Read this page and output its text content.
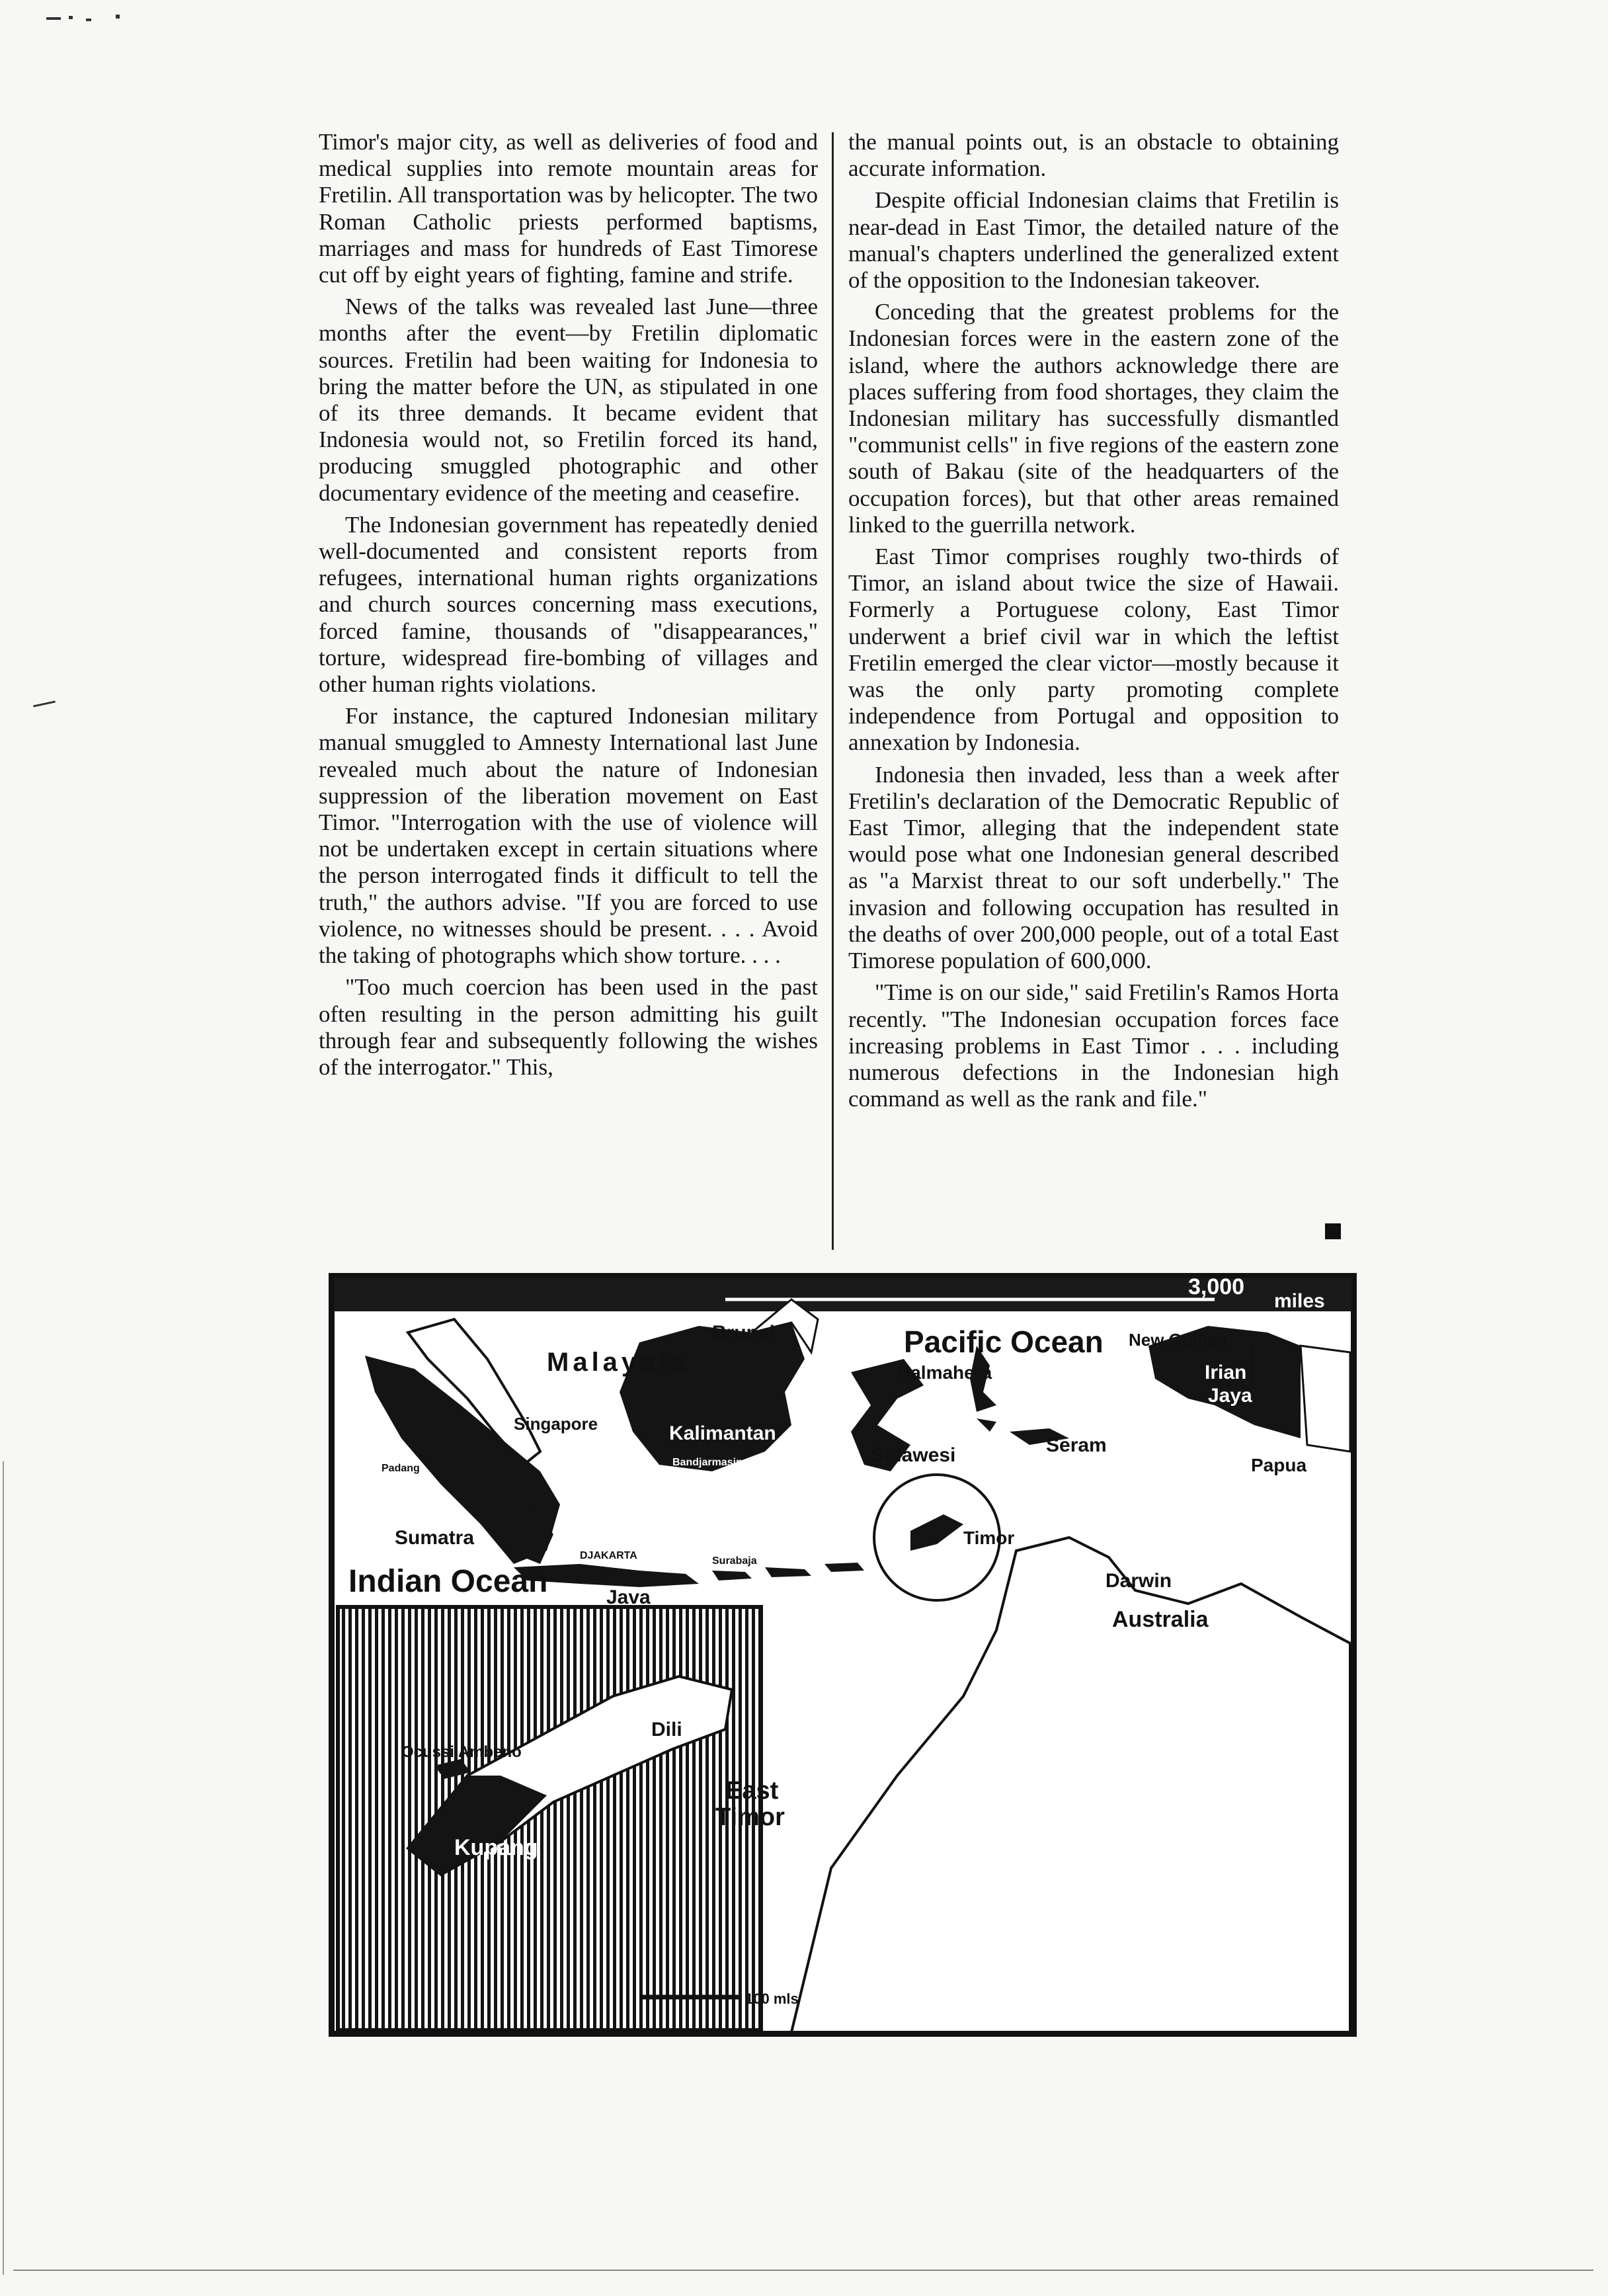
Timor's major city, as well as deliveries of food and medical supplies into remote mountain areas for Fretilin. All transportation was by helicopter. The two Roman Catholic priests performed baptisms, marriages and mass for hundreds of East Timorese cut off by eight years of fighting, famine and strife.

News of the talks was revealed last June—three months after the event—by Fretilin diplomatic sources. Fretilin had been waiting for Indonesia to bring the matter before the UN, as stipulated in one of its three demands. It became evident that Indonesia would not, so Fretilin forced its hand, producing smuggled photographic and other documentary evidence of the meeting and ceasefire.

The Indonesian government has repeatedly denied well-documented and consistent reports from refugees, international human rights organizations and church sources concerning mass executions, forced famine, thousands of "disappearances," torture, widespread fire-bombing of villages and other human rights violations.

For instance, the captured Indonesian military manual smuggled to Amnesty International last June revealed much about the nature of Indonesian suppression of the liberation movement on East Timor. "Interrogation with the use of violence will not be undertaken except in certain situations where the person interrogated finds it difficult to tell the truth," the authors advise. "If you are forced to use violence, no witnesses should be present. . . . Avoid the taking of photographs which show torture. . . .

"Too much coercion has been used in the past often resulting in the person admitting his guilt through fear and subsequently following the wishes of the interrogator." This,

the manual points out, is an obstacle to obtaining accurate information.

Despite official Indonesian claims that Fretilin is near-dead in East Timor, the detailed nature of the manual's chapters underlined the generalized extent of the opposition to the Indonesian takeover.

Conceding that the greatest problems for the Indonesian forces were in the eastern zone of the island, where the authors acknowledge there are places suffering from food shortages, they claim the Indonesian military has successfully dismantled "communist cells" in five regions of the eastern zone south of Bakau (site of the headquarters of the occupation forces), but that other areas remained linked to the guerrilla network.

East Timor comprises roughly two-thirds of Timor, an island about twice the size of Hawaii. Formerly a Portuguese colony, East Timor underwent a brief civil war in which the leftist Fretilin emerged the clear victor—mostly because it was the only party promoting complete independence from Portugal and opposition to annexation by Indonesia.

Indonesia then invaded, less than a week after Fretilin's declaration of the Democratic Republic of East Timor, alleging that the independent state would pose what one Indonesian general described as "a Marxist threat to our soft underbelly." The invasion and following occupation has resulted in the deaths of over 200,000 people, out of a total East Timorese population of 600,000.

"Time is on our side," said Fretilin's Ramos Horta recently. "The Indonesian occupation forces face increasing problems in East Timor . . . including numerous defections in the Indonesian high command as well as the rank and file."

3,000
miles
Pacific Ocean New Guinea
Brunei
Malaysia	Halmahera	Irian
Jaya
Singapore	Kalimantan
Bandjarmasin
Seram
Sulawesi	Papua
Padang
Palembang
Sumatra
DJAKARTA	Surabaja
Timor
Indian Ocean	Java
Darwin
Australia
Dili
Ocussi Ambeno
East
Timor
Kupang
100 mls
